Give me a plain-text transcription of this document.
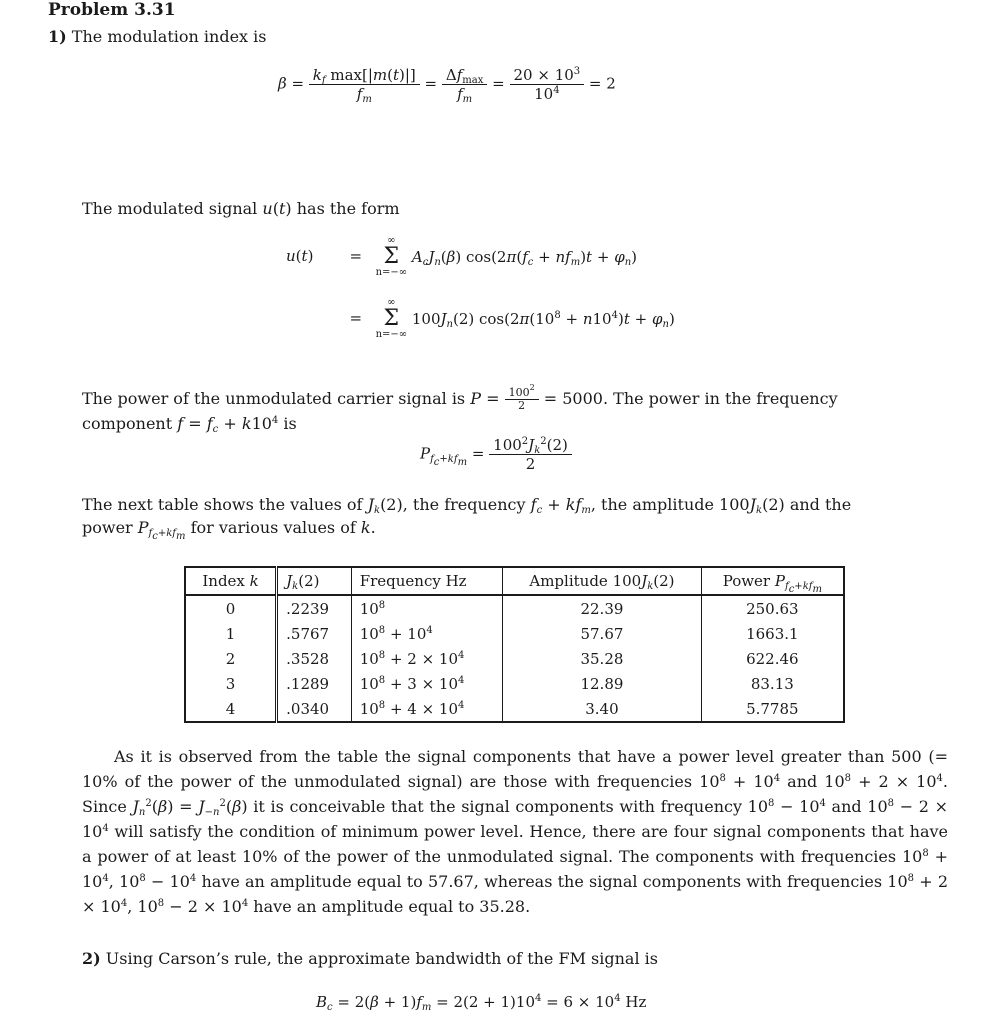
Problem 3.31
1) The modulation index is
$\beta = \frac{k_f \max[|m(t)|]}{f_m} = \frac{\Delta f_{max}}{f_m} = \frac{20 \times 10^3}{10^4} = 2$
The modulated signal u(t) has the form
u(t) =
∞
Σ
n=−∞
$A_cJ_n(\beta) \cos(2\pi(f_c + nf_m)t + \varphi_n)$
=
∞
Σ
n=−∞
$100J_n(2) \cos(2\pi(10^8 + n10^4)t + \varphi_n)$
The power of the unmodulated carrier signal is $P = \frac{100^2}{2} = 5000$. The power in the frequency
component $f = f_c + k10^4$ is
$P_{f_c+kf_m} = \frac{100^2J_k^2(2)}{2}$
The next table shows the values of $J_k(2)$, the frequency $f_c + kf_m$, the amplitude $100J_k(2)$ and the
power $P_{f_c+kf_m}$ for various values of k.
Index k	$J_k(2)$	Frequency Hz	Amplitude $100J_k(2)$	Power $P_{f_c+kf_m}$
0	.2239	$10^8$	22.39	250.63
1	.5767	$10^8 + 10^4$	57.67	1663.1
2	.3528	$10^8 + 2 \times 10^4$	35.28	622.46
3	.1289	$10^8 + 3 \times 10^4$	12.89	83.13
4	.0340	$10^8 + 4 \times 10^4$	3.40	5.7785
As it is observed from the table the signal components that have a power level greater than 500 (= 10% of the power of the unmodulated signal) are those with frequencies $10^8 + 10^4$ and $10^8 + 2 \times 10^4$. Since $J_n^2(\beta) = J_{-n}^2(\beta)$ it is conceivable that the signal components with frequency $10^8 - 10^4$ and $10^8 - 2 \times 10^4$ will satisfy the condition of minimum power level. Hence, there are four signal components that have a power of at least 10% of the power of the unmodulated signal. The components with frequencies $10^8 + 10^4$, $10^8 - 10^4$ have an amplitude equal to 57.67, whereas the signal components with frequencies $10^8 + 2 \times 10^4$, $10^8 - 2 \times 10^4$ have an amplitude equal to 35.28.
2) Using Carson’s rule, the approximate bandwidth of the FM signal is
$B_c = 2(\beta + 1)f_m = 2(2 + 1)10^4 = 6 \times 10^4$ Hz
